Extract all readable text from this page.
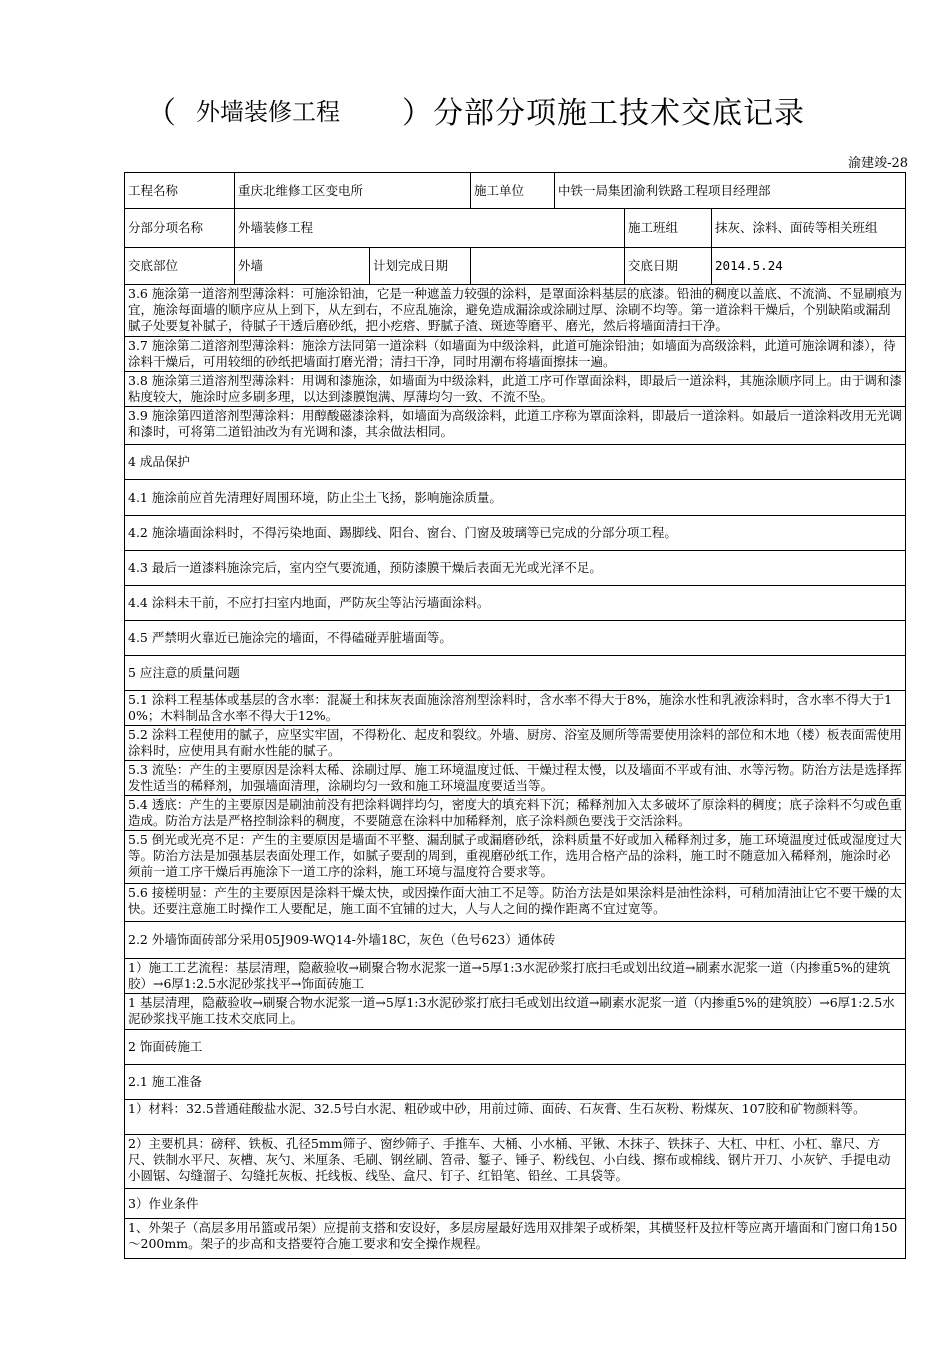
（ 外墙装修工程 ）分部分项施工技术交底记录
渝建竣-28
工程名称	重庆北维修工区变电所		施工单位	中铁一局集团渝利铁路工程项目经理部		
分部分项名称	外墙装修工程				施工班组	抹灰、涂料、面砖等相关班组
交底部位	外墙	计划完成日期			交底日期	2014.5.24

3.6 施涂第一道溶剂型薄涂料：可施涂铅油，它是一种遮盖力较强的涂料，是罩面涂料基层的底漆。铅油的稠度以盖底、不流淌、不显刷痕为宜，施涂每面墙的顺序应从上到下，从左到右，不应乱施涂，避免造成漏涂或涂刷过厚、涂刷不均等。第一道涂料干燥后，个别缺陷或漏刮腻子处要复补腻子，待腻子干透后磨砂纸，把小疙瘩、野腻子渣、斑迹等磨平、磨光，然后将墙面清扫干净。						

3.7 施涂第二道溶剂型薄涂料：施涂方法同第一道涂料（如墙面为中级涂料，此道可施涂铅油；如墙面为高级涂料，此道可施涂调和漆），待涂料干燥后，可用较细的砂纸把墙面打磨光滑；清扫干净，同时用潮布将墙面擦抹一遍。						

3.8 施涂第三道溶剂型薄涂料：用调和漆施涂，如墙面为中级涂料，此道工序可作罩面涂料，即最后一道涂料，其施涂顺序同上。由于调和漆粘度较大，施涂时应多刷多理，以达到漆膜饱满、厚薄均匀一致、不流不坠。						

3.9 施涂第四道溶剂型薄涂料：用醇酸磁漆涂料，如墙面为高级涂料，此道工序称为罩面涂料，即最后一道涂料。如最后一道涂料改用无光调和漆时，可将第二道铅油改为有光调和漆，其余做法相同。						

4 成品保护						
4.1 施涂前应首先清理好周围环境，防止尘土飞扬，影响施涂质量。						
4.2 施涂墙面涂料时，不得污染地面、踢脚线、阳台、窗台、门窗及玻璃等已完成的分部分项工程。						
4.3 最后一道漆料施涂完后，室内空气要流通，预防漆膜干燥后表面无光或光泽不足。						
4.4 涂料未干前，不应打扫室内地面，严防灰尘等沾污墙面涂料。						
4.5 严禁明火靠近已施涂完的墙面，不得磕碰弄脏墙面等。						
5 应注意的质量问题						

5.1 涂料工程基体或基层的含水率：混凝土和抹灰表面施涂溶剂型涂料时，含水率不得大于8%，施涂水性和乳液涂料时，含水率不得大于10%；木料制品含水率不得大于12%。						

5.2 涂料工程使用的腻子，应坚实牢固，不得粉化、起皮和裂纹。外墙、厨房、浴室及厕所等需要使用涂料的部位和木地（楼）板表面需使用涂料时，应使用具有耐水性能的腻子。						

5.3 流坠：产生的主要原因是涂料太稀、涂刷过厚、施工环境温度过低、干燥过程太慢，以及墙面不平或有油、水等污物。防治方法是选择挥发性适当的稀释剂，加强墙面清理，涂刷均匀一致和施工环境温度要适当等。						

5.4 透底：产生的主要原因是刷油前没有把涂料调拌均匀，密度大的填充料下沉；稀释剂加入太多破坏了原涂料的稠度；底子涂料不匀或色重造成。防治方法是严格控制涂料的稠度，不要随意在涂料中加稀释剂，底子涂料颜色要浅于交活涂料。						

5.5 倒光或光亮不足：产生的主要原因是墙面不平整、漏刮腻子或漏磨砂纸，涂料质量不好或加入稀释剂过多，施工环境温度过低或湿度过大等。防治方法是加强基层表面处理工作，如腻子要刮的周到，重视磨砂纸工作，选用合格产品的涂料，施工时不随意加入稀释剂，施涂时必须前一道工序干燥后再施涂下一道工序的涂料，施工环境与温度符合要求等。						

5.6 接槎明显：产生的主要原因是涂料干燥太快，或因操作面大油工不足等。防治方法是如果涂料是油性涂料，可稍加清油让它不要干燥的太快。还要注意施工时操作工人要配足，施工面不宜铺的过大，人与人之间的操作距离不宜过宽等。						

2.2 外墙饰面砖部分采用05J909-WQ14-外墙18C，灰色（色号623）通体砖						

1）施工工艺流程：基层清理，隐蔽验收→刷聚合物水泥浆一道→5厚1:3水泥砂浆打底扫毛或划出纹道→刷素水泥浆一道（内掺重5%的建筑胶）→6厚1:2.5水泥砂浆找平→饰面砖施工						

1 基层清理，隐蔽验收→刷聚合物水泥浆一道→5厚1:3水泥砂浆打底扫毛或划出纹道→刷素水泥浆一道（内掺重5%的建筑胶）→6厚1:2.5水泥砂浆找平施工技术交底同上。						

2 饰面砖施工						
2.1 施工准备						

1）材料：32.5普通硅酸盐水泥、32.5号白水泥、粗砂或中砂，用前过筛、面砖、石灰膏、生石灰粉、粉煤灰、107胶和矿物颜料等。						

2）主要机具：磅秤、铁板、孔径5mm筛子、窗纱筛子、手推车、大桶、小水桶、平锹、木抹子、铁抹子、大杠、中杠、小杠、靠尺、方尺、铁制水平尺、灰槽、灰勺、米厘条、毛刷、钢丝刷、笤帚、錾子、锤子、粉线包、小白线、擦布或棉线、钢片开刀、小灰铲、手提电动小圆锯、勾缝溜子、勾缝托灰板、托线板、线坠、盒尺、钉子、红铅笔、铅丝、工具袋等。						

3）作业条件						

1、外架子（高层多用吊篮或吊架）应提前支搭和安设好，多层房屋最好选用双排架子或桥架，其横竖杆及拉杆等应离开墙面和门窗口角150～200mm。架子的步高和支搭要符合施工要求和安全操作规程。						
